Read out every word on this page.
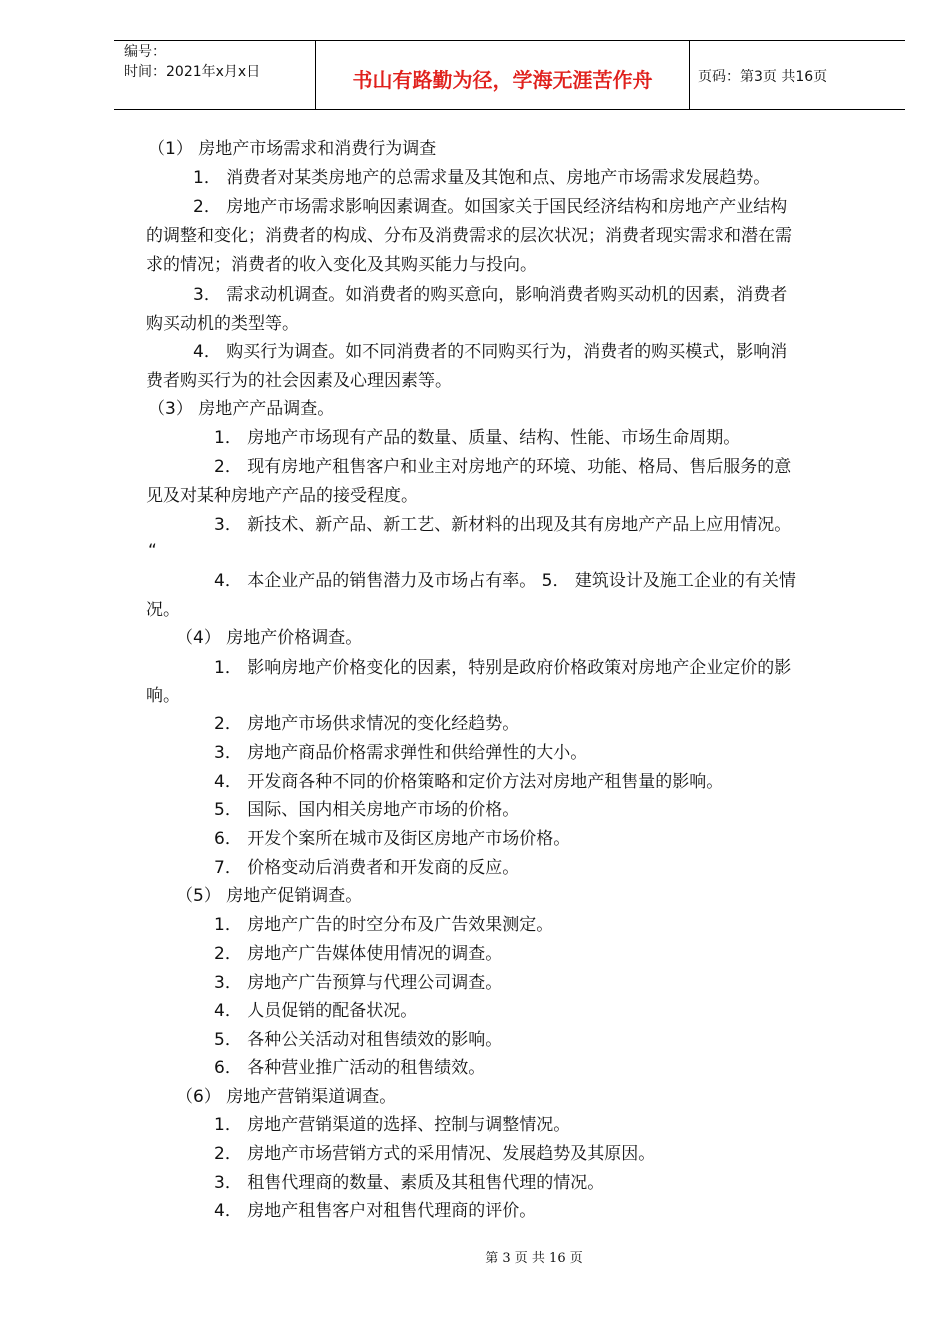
编号：
时间：2021年x月x日	书山有路勤为径，学海无涯苦作舟	页码：第3页 共16页
（1） 房地产市场需求和消费行为调查
1． 消费者对某类房地产的总需求量及其饱和点、房地产市场需求发展趋势。
2． 房地产市场需求影响因素调查。如国家关于国民经济结构和房地产产业结构
的调整和变化；消费者的构成、分布及消费需求的层次状况；消费者现实需求和潜在需
求的情况；消费者的收入变化及其购买能力与投向。
3． 需求动机调查。如消费者的购买意向，影响消费者购买动机的因素，消费者
购买动机的类型等。
4． 购买行为调查。如不同消费者的不同购买行为，消费者的购买模式，影响消
费者购买行为的社会因素及心理因素等。
（3） 房地产产品调查。
1． 房地产市场现有产品的数量、质量、结构、性能、市场生命周期。
2． 现有房地产租售客户和业主对房地产的环境、功能、格局、售后服务的意
见及对某种房地产产品的接受程度。
3． 新技术、新产品、新工艺、新材料的出现及其有房地产产品上应用情况。
“
4． 本企业产品的销售潜力及市场占有率。 5． 建筑设计及施工企业的有关情
况。
（4） 房地产价格调查。
1． 影响房地产价格变化的因素，特别是政府价格政策对房地产企业定价的影
响。
2． 房地产市场供求情况的变化经趋势。
3． 房地产商品价格需求弹性和供给弹性的大小。
4． 开发商各种不同的价格策略和定价方法对房地产租售量的影响。
5． 国际、国内相关房地产市场的价格。
6． 开发个案所在城市及街区房地产市场价格。
7． 价格变动后消费者和开发商的反应。
（5） 房地产促销调查。
1． 房地产广告的时空分布及广告效果测定。
2． 房地产广告媒体使用情况的调查。
3． 房地产广告预算与代理公司调查。
4． 人员促销的配备状况。
5． 各种公关活动对租售绩效的影响。
6． 各种营业推广活动的租售绩效。
（6） 房地产营销渠道调查。
1． 房地产营销渠道的选择、控制与调整情况。
2． 房地产市场营销方式的采用情况、发展趋势及其原因。
3． 租售代理商的数量、素质及其租售代理的情况。
4． 房地产租售客户对租售代理商的评价。
第 3 页 共 16 页
